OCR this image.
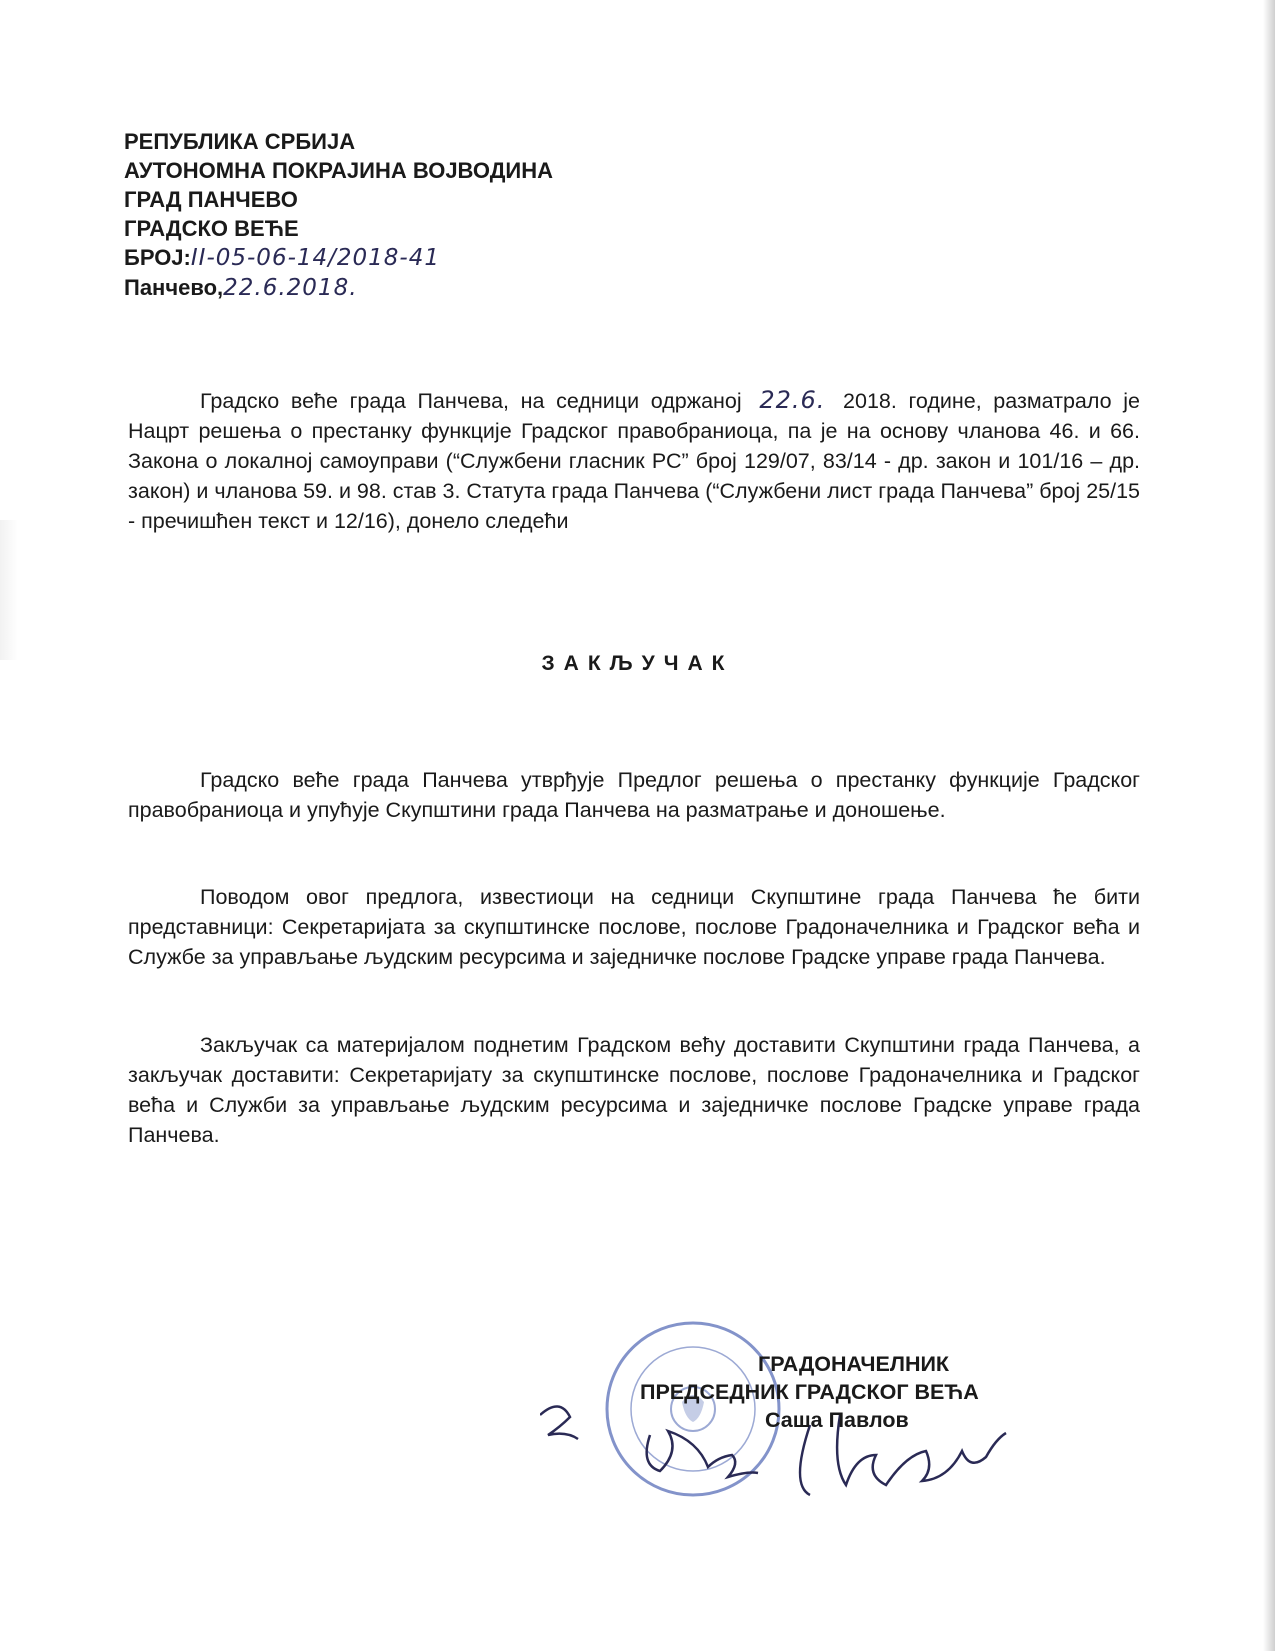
РЕПУБЛИКА СРБИЈА
АУТОНОМНА ПОКРАЈИНА ВОЈВОДИНА
ГРАД ПАНЧЕВО
ГРАДСКО ВЕЋЕ
БРОЈ:II-05-06-14/2018-41
Панчево,22.6.2018.
Градско веће града Панчева, на седници одржаној 22.6. 2018. године, разматрало је Нацрт решења о престанку функције Градског правобраниоца, па је на основу чланова 46. и 66. Закона о локалној самоуправи (“Службени гласник РС” број 129/07, 83/14 - др. закон и 101/16 – др. закон) и чланова 59. и 98. став 3. Статута града Панчева (“Службени лист града Панчева” број 25/15 - пречишћен текст и 12/16), донело следећи
ЗАКЉУЧАК
Градско веће града Панчева утврђује Предлог решења о престанку функције Градског правобраниоца и упућује Скупштини града Панчева на разматрање и доношење.
Поводом овог предлога, известиоци на седници Скупштине града Панчева ће бити представници: Секретаријата за скупштинске послове, послове Градоначелника и Градског већа и Службе за управљање људским ресурсима и заједничке послове Градске управе града Панчева.
Закључак са материјалом поднетим Градском већу доставити Скупштини града Панчева, а закључак доставити: Секретаријату за скупштинске послове, послове Градоначелника и Градског већа и Служби за управљање људским ресурсима и заједничке послове Градске управе града Панчева.
ГРАДОНАЧЕЛНИК
ПРЕДСЕДНИК ГРАДСКОГ ВЕЋА
Саша Павлов
